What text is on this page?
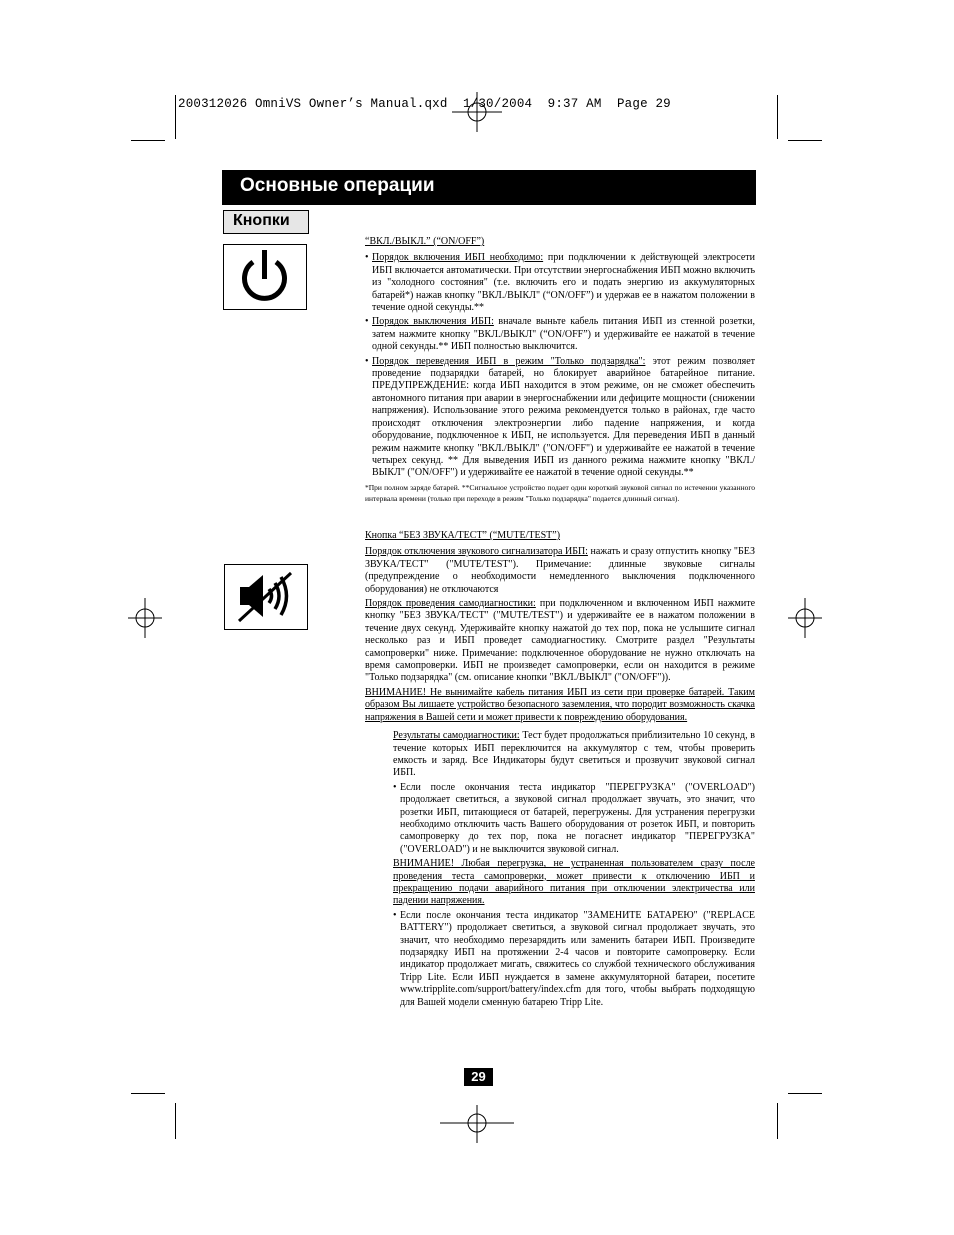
200312026 OmniVS Owner’s Manual.qxd  1/30/2004  9:37 AM  Page 29
Основные операции
Кнопки

“ВКЛ./ВЫКЛ.” (“ON/OFF”)

• Порядок включения ИБП необходимо: при подключении к действующей электросети ИБП включается автоматически. При отсутствии энергоснабжения ИБП можно включить из "холодного состояния" (т.е. включить его и подать энергию из аккумуляторных батарей*) нажав кнопку "ВКЛ./ВЫКЛ" (“ON/OFF”) и удержав ее в нажатом положении в течение одной секунды.**

• Порядок выключения ИБП: вначале выньте кабель питания ИБП из стенной розетки, затем нажмите кнопку "ВКЛ./ВЫКЛ" (“ON/OFF”) и удерживайте ее нажатой в течение одной секунды.** ИБП полностью выключится.

• Порядок переведения ИБП в режим "Только подзарядка": этот режим позволяет проведение подзарядки батарей, но блокирует аварийное батарейное питание. ПРЕДУПРЕЖДЕНИЕ: когда ИБП находится в этом режиме, он не сможет обеспечить автономного питания при аварии в энергоснабжении или дефиците мощности (снижении напряжения). Использование этого режима рекомендуется только в районах, где часто происходят отключения электроэнергии либо падение напряжения, и когда оборудование, подключенное к ИБП, не используется. Для переведения ИБП в данный режим нажмите кнопку "ВКЛ./ВЫКЛ" ("ON/OFF") и удерживайте ее нажатой в течение четырех секунд. ** Для выведения ИБП из данного режима нажмите кнопку "ВКЛ./ВЫКЛ" ("ON/OFF") и удерживайте ее нажатой в течение одной секунды.**

*При полном заряде батарей. **Сигнальное устройство подает один короткий звуковой сигнал по истечении указанного интервала времени (только при переходе в режим "Только подзарядка" подается длинный сигнал).

Кнопка “БЕЗ ЗВУКА/ТЕСТ” (“MUTE/TEST”)

Порядок отключения звукового сигнализатора ИБП: нажать и сразу отпустить кнопку "БЕЗ ЗВУКА/ТЕСТ" ("MUTE/TEST"). Примечание: длинные звуковые сигналы (предупреждение о необходимости немедленного выключения подключенного оборудования) не отключаются

Порядок проведения самодиагностики: при подключенном и включенном ИБП нажмите кнопку "БЕЗ ЗВУКА/ТЕСТ" ("MUTE/TEST") и удерживайте ее в нажатом положении в течение двух секунд. Удерживайте кнопку нажатой до тех пор, пока не услышите сигнал несколько раз и ИБП проведет самодиагностику. Смотрите раздел "Результаты самопроверки" ниже. Примечание: подключенное оборудование не нужно отключать на время самопроверки. ИБП не произведет самопроверки, если он находится в режиме "Только подзарядка" (см. описание кнопки "ВКЛ./ВЫКЛ" ("ON/OFF")).

ВНИМАНИЕ! Не вынимайте кабель питания ИБП из сети при проверке батарей. Таким образом Вы лишаете устройство безопасного заземления, что породит возможность скачка напряжения в Вашей сети и может привести к повреждению оборудования.

Результаты самодиагностики: Тест будет продолжаться приблизительно 10 секунд, в течение которых ИБП переключится на аккумулятор с тем, чтобы проверить емкость и заряд. Все Индикаторы будут светиться и прозвучит звуковой сигнал ИБП.

• Если после окончания теста индикатор "ПЕРЕГРУЗКА" ("OVERLOAD") продолжает светиться, а звуковой сигнал продолжает звучать, это значит, что розетки ИБП, питающиеся от батарей, перегружены. Для устранения перегрузки необходимо отключить часть Вашего оборудования от розеток ИБП, и повторить самопроверку до тех пор, пока не погаснет индикатор "ПЕРЕГРУЗКА" ("OVERLOAD") и не выключится звуковой сигнал.

ВНИМАНИЕ! Любая перегрузка, не устраненная пользователем сразу после проведения теста самопроверки, может привести к отключению ИБП и прекращению подачи аварийного питания при отключении электричества или падении напряжения.

• Если после окончания теста индикатор "ЗАМЕНИТЕ БАТАРЕЮ" ("REPLACE BATTERY") продолжает светиться, а звуковой сигнал продолжает звучать, это значит, что необходимо перезарядить или заменить батареи ИБП. Произведите подзарядку ИБП на протяжении 2-4 часов и повторите самопроверку. Если индикатор продолжает мигать, свяжитесь со службой технического обслуживания Tripp Lite. Если ИБП нуждается в замене аккумуляторной батареи, посетите www.tripplite.com/support/battery/index.cfm для того, чтобы выбрать подходящую для Вашей модели сменную батарею Tripp Lite.

29
